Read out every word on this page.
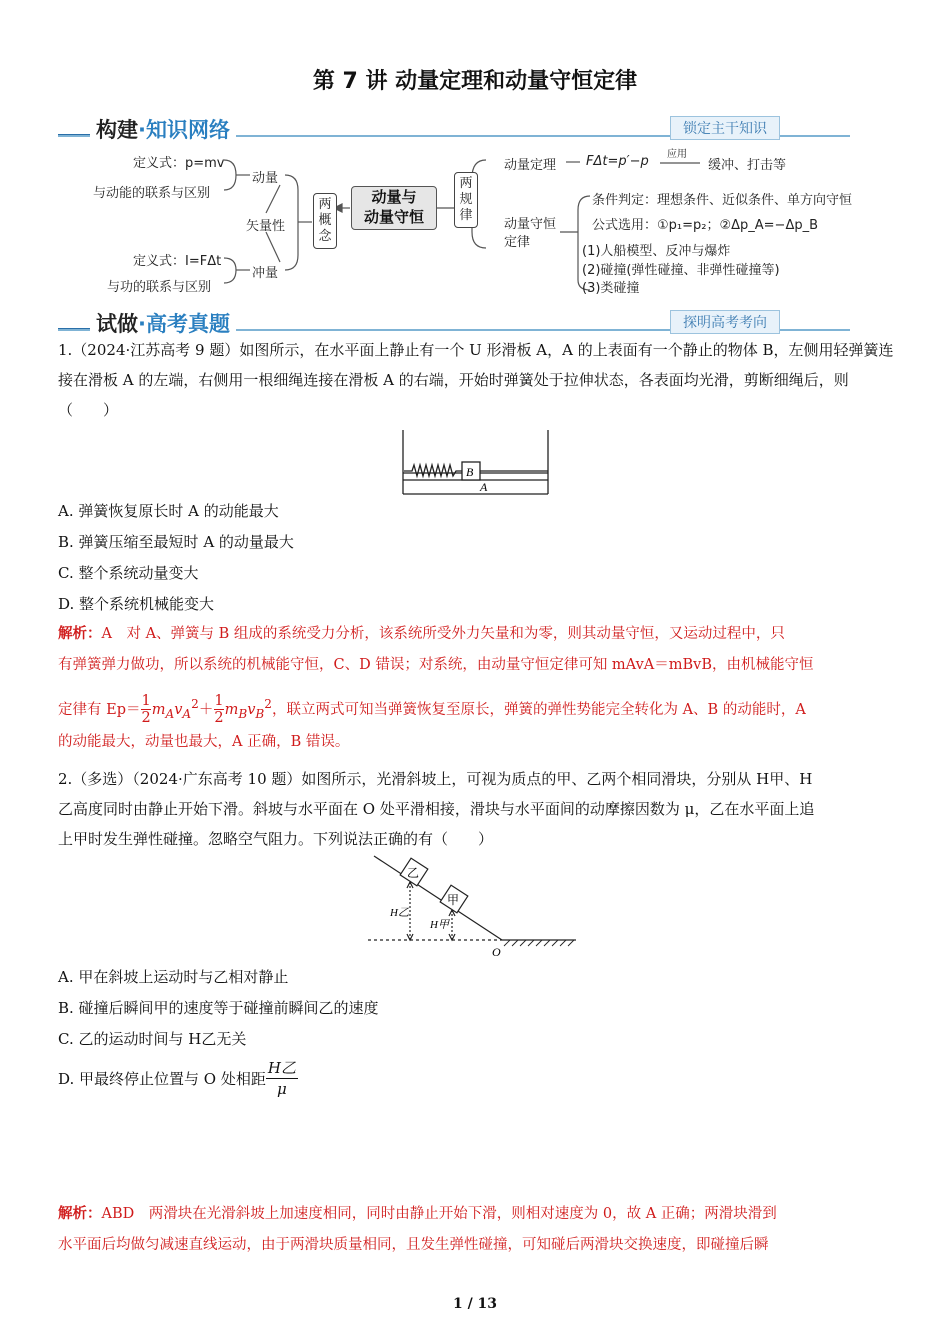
第 7 讲 动量定理和动量守恒定律
构建·知识网络	锁定主干知识
定义式：p=mv
与动能的联系与区别
动量
矢量性
定义式：I=FΔt
与功的联系与区别
冲量
两概念
动量与
动量守恒
两规律
动量定理 FΔt=p′−p 应用
缓冲、打击等
动量守恒定律
条件判定：理想条件、近似条件、单方向守恒
公式选用：①p₁=p₂；②Δp_A=−Δp_B
(1)人船模型、反冲与爆炸
(2)碰撞(弹性碰撞、非弹性碰撞等)
(3)类碰撞
试做·高考真题	探明高考考向
1.（2024·江苏高考 9 题）如图所示，在水平面上静止有一个 U 形滑板 A，A 的上表面有一个静止的物体 B，左侧用轻弹簧连接在滑板 A 的左端，右侧用一根细绳连接在滑板 A 的右端，开始时弹簧处于拉伸状态，各表面均光滑，剪断细绳后，则（　　）
B
A
A. 弹簧恢复原长时 A 的动能最大
B. 弹簧压缩至最短时 A 的动量最大
C. 整个系统动量变大
D. 整个系统机械能变大
解析：A　对 A、弹簧与 B 组成的系统受力分析，该系统所受外力矢量和为零，则其动量守恒，又运动过程中，只
有弹簧弹力做功，所以系统的机械能守恒，C、D 错误；对系统，由动量守恒定律可知 mAvA＝mBvB，由机械能守恒
定律有 $Ep= \frac{1}{2} m_Av_A^2+ \frac{1}{2} m_Bv_B^2$，联立两式可知当弹簧恢复至原长，弹簧的弹性势能完全转化为 A、B 的动能时，A
的动能最大，动量也最大，A 正确，B 错误。
2.（多选）（2024·广东高考 10 题）如图所示，光滑斜坡上，可视为质点的甲、乙两个相同滑块，分别从 H甲、H
乙高度同时由静止开始下滑。斜坡与水平面在 O 处平滑相接，滑块与水平面间的动摩擦因数为 μ，乙在水平面上追
上甲时发生弹性碰撞。忽略空气阻力。下列说法正确的有（　　）
乙
甲
H乙
H甲
O
A. 甲在斜坡上运动时与乙相对静止
B. 碰撞后瞬间甲的速度等于碰撞前瞬间乙的速度
C. 乙的运动时间与 H乙无关
D. 甲最终停止位置与 O 处相距
H乙
μ
解析：ABD　两滑块在光滑斜坡上加速度相同，同时由静止开始下滑，则相对速度为 0，故 A 正确；两滑块滑到
水平面后均做匀减速直线运动，由于两滑块质量相同，且发生弹性碰撞，可知碰后两滑块交换速度，即碰撞后瞬
1 / 13
